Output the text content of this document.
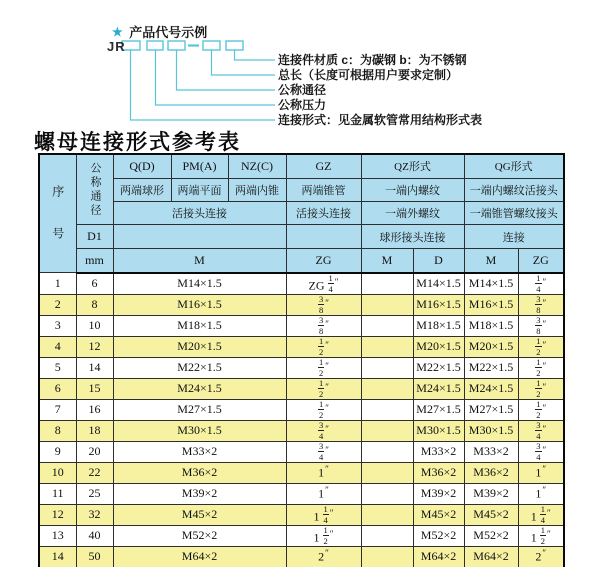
★ 产品代号示例
JR
连接件材质 c：为碳钢 b：为不锈钢
总长（长度可根据用户要求定制）
公称通径
公称压力
连接形式：见金属软管常用结构形式表
螺母连接形式参考表
序号	公称通径	Q(D)	PM(A)	NZ(C)	GZ	QZ形式		QG形式	
		两端球形	两端平面	两端内锥	两端锥管	一端内螺纹		一端内螺纹活接头	
		活接头连接			活接头连接	一端外螺纹		一端锥管螺纹接头	
	D1					球形接头连接		连接	
	mm	M			ZG	M	D	M	ZG
1	6	M14×1.5			ZG $\frac{1}{4} ''$		M14×1.5	M14×1.5	$\frac{1}{4} ''$
2	8	M16×1.5			$\frac{3}{8} ''$		M16×1.5	M16×1.5	$\frac{3}{8} ''$
3	10	M18×1.5			$\frac{3}{8} ''$		M18×1.5	M18×1.5	$\frac{3}{8} ''$
4	12	M20×1.5			$\frac{1}{2} ''$		M20×1.5	M20×1.5	$\frac{1}{2} ''$
5	14	M22×1.5			$\frac{1}{2} ''$		M22×1.5	M22×1.5	$\frac{1}{2} ''$
6	15	M24×1.5			$\frac{1}{2} ''$		M24×1.5	M24×1.5	$\frac{1}{2} ''$
7	16	M27×1.5			$\frac{1}{2} ''$		M27×1.5	M27×1.5	$\frac{1}{2} ''$
8	18	M30×1.5			$\frac{3}{4} ''$		M30×1.5	M30×1.5	$\frac{3}{4} ''$
9	20	M33×2			$\frac{3}{4} ''$		M33×2	M33×2	$\frac{3}{4} ''$
10	22	M36×2			1″		M36×2	M36×2	1″
11	25	M39×2			1″		M39×2	M39×2	1″
12	32	M45×2			$1 \frac{1}{4} ''$		M45×2	M45×2	$1 \frac{1}{4} ''$
13	40	M52×2			$1 \frac{1}{2} ''$		M52×2	M52×2	$1 \frac{1}{2} ''$
14	50	M64×2			2″		M64×2	M64×2	2″
